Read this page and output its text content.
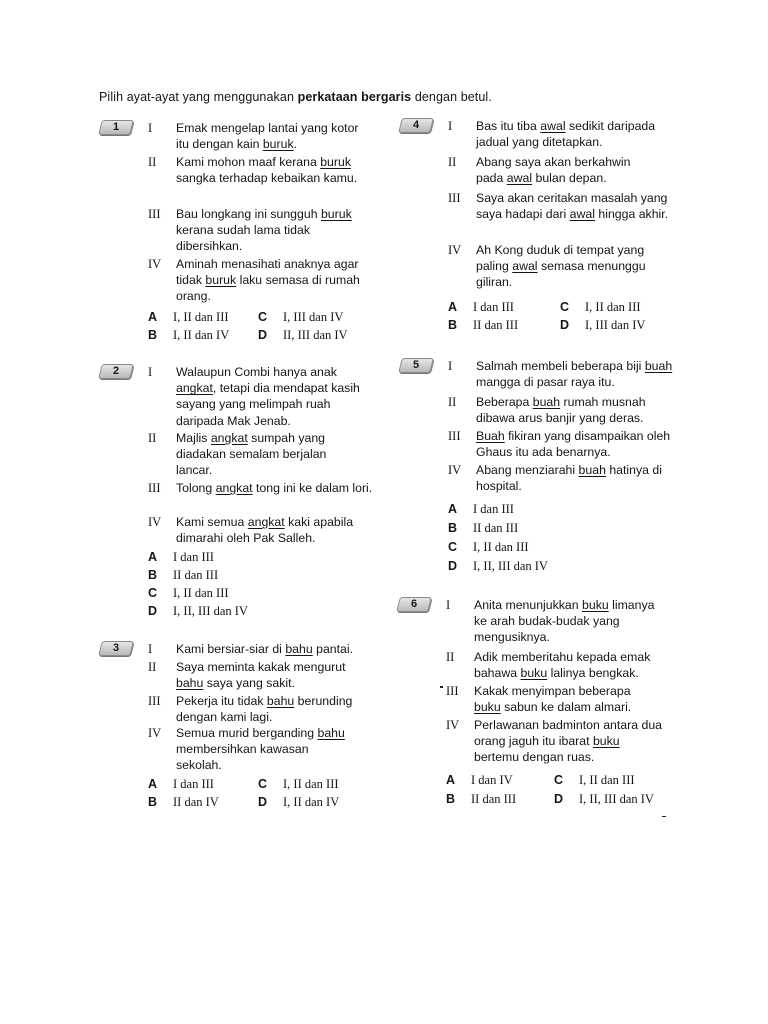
Pilih ayat-ayat yang menggunakan perkataan bergaris dengan betul.
1	I	Emak mengelap lantai yang kotor itu dengan kain buruk.
II	Kami mohon maaf kerana buruk sangka terhadap kebaikan kamu.
III	Bau longkang ini sungguh buruk kerana sudah lama tidak dibersihkan.
IV	Aminah menasihati anaknya agar tidak buruk laku semasa di rumah orang.
A I, II dan III C I, III dan IV
B I, II dan IV D II, III dan IV
2	I	Walaupun Combi hanya anak angkat, tetapi dia mendapat kasih sayang yang melimpah ruah daripada Mak Jenab.
II	Majlis angkat sumpah yang diadakan semalam berjalan lancar.
III	Tolong angkat tong ini ke dalam lori.
IV	Kami semua angkat kaki apabila dimarahi oleh Pak Salleh.
A I dan III
B II dan III
C I, II dan III
D I, II, III dan IV
3	I	Kami bersiar-siar di bahu pantai.
II	Saya meminta kakak mengurut bahu saya yang sakit.
III	Pekerja itu tidak bahu berunding dengan kami lagi.
IV	Semua murid berganding bahu membersihkan kawasan sekolah.
A I dan III	C I, II dan III
B II dan IV	D I, II dan IV
4	I	Bas itu tiba awal sedikit daripada jadual yang ditetapkan.
II	Abang saya akan berkahwin pada awal bulan depan.
III	Saya akan ceritakan masalah yang saya hadapi dari awal hingga akhir.
IV	Ah Kong duduk di tempat yang paling awal semasa menunggu giliran.
A I dan III	C I, II dan III
B II dan III	D I, III dan IV
5	I	Salmah membeli beberapa biji buah mangga di pasar raya itu.
II	Beberapa buah rumah musnah dibawa arus banjir yang deras.
III	Buah fikiran yang disampaikan oleh Ghaus itu ada benarnya.
IV	Abang menziarahi buah hatinya di hospital.
A I dan III
B II dan III
C I, II dan III
D I, II, III dan IV
6	I	Anita menunjukkan buku limanya ke arah budak-budak yang mengusiknya.
II	Adik memberitahu kepada emak bahawa buku lalinya bengkak.
III	Kakak menyimpan beberapa buku sabun ke dalam almari.
IV	Perlawanan badminton antara dua orang jaguh itu ibarat buku bertemu dengan ruas.
A I dan IV	C I, II dan III
B II dan III	D I, II, III dan IV
